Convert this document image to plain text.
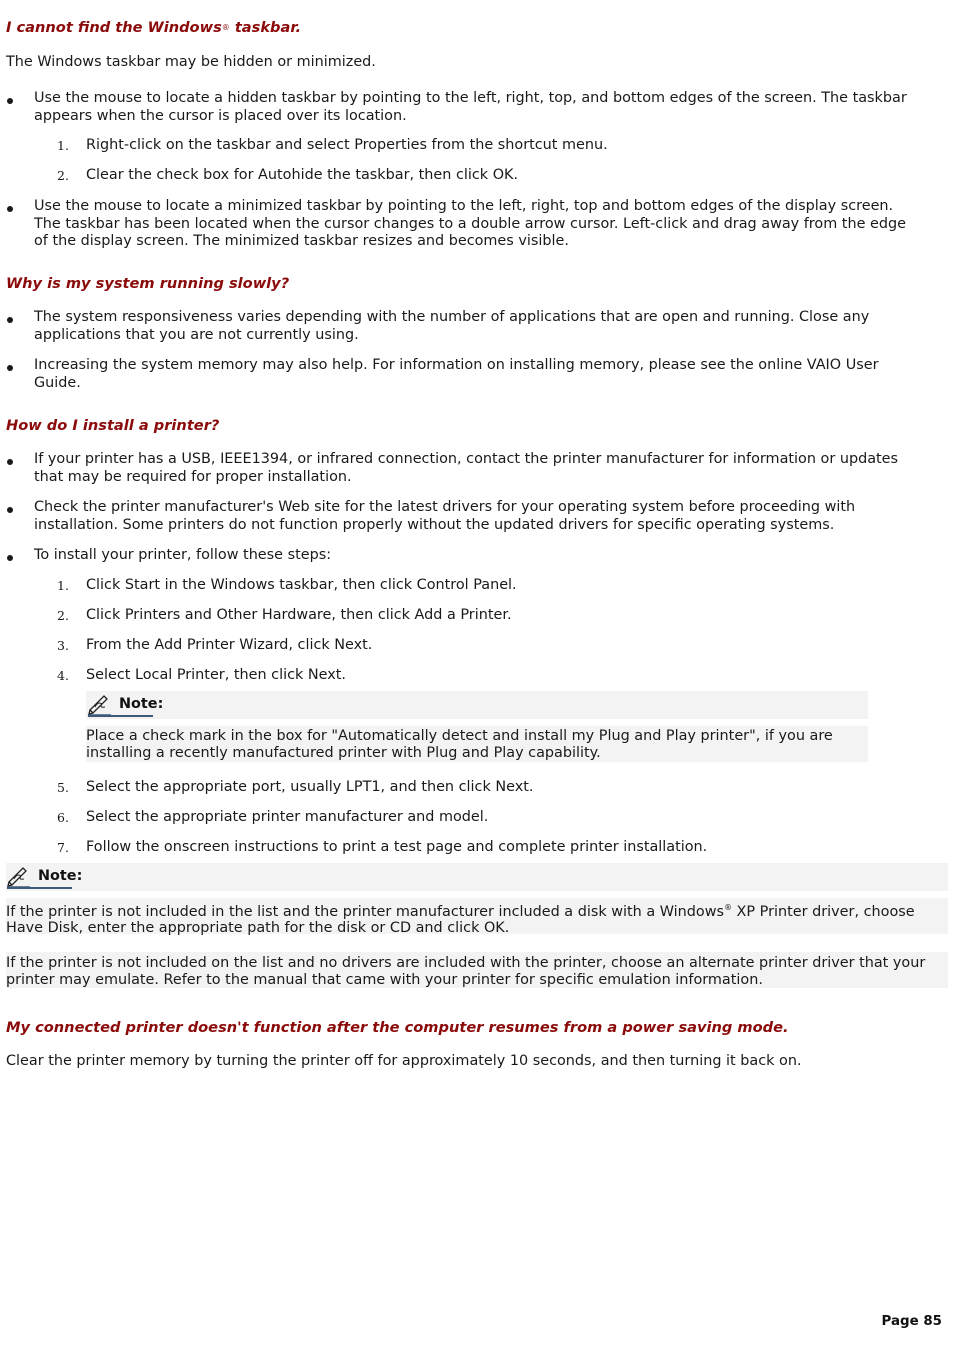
I cannot find the Windows® taskbar.

The Windows taskbar may be hidden or minimized.

Use the mouse to locate a hidden taskbar by pointing to the left, right, top, and bottom edges of the screen. The taskbar appears when the cursor is placed over its location.

1. Right-click on the taskbar and select Properties from the shortcut menu.

2. Clear the check box for Autohide the taskbar, then click OK.

Use the mouse to locate a minimized taskbar by pointing to the left, right, top and bottom edges of the display screen. The taskbar has been located when the cursor changes to a double arrow cursor. Left-click and drag away from the edge of the display screen. The minimized taskbar resizes and becomes visible.

Why is my system running slowly?

The system responsiveness varies depending with the number of applications that are open and running. Close any applications that you are not currently using.

Increasing the system memory may also help. For information on installing memory, please see the online VAIO User Guide.

How do I install a printer?

If your printer has a USB, IEEE1394, or infrared connection, contact the printer manufacturer for information or updates that may be required for proper installation.

Check the printer manufacturer's Web site for the latest drivers for your operating system before proceeding with installation. Some printers do not function properly without the updated drivers for specific operating systems.

To install your printer, follow these steps:

1. Click Start in the Windows taskbar, then click Control Panel.

2. Click Printers and Other Hardware, then click Add a Printer.

3. From the Add Printer Wizard, click Next.

4. Select Local Printer, then click Next.

Note:

Place a check mark in the box for "Automatically detect and install my Plug and Play printer", if you are installing a recently manufactured printer with Plug and Play capability.

5. Select the appropriate port, usually LPT1, and then click Next.

6. Select the appropriate printer manufacturer and model.

7. Follow the onscreen instructions to print a test page and complete printer installation.

Note:

If the printer is not included in the list and the printer manufacturer included a disk with a Windows® XP Printer driver, choose Have Disk, enter the appropriate path for the disk or CD and click OK.

If the printer is not included on the list and no drivers are included with the printer, choose an alternate printer driver that your printer may emulate. Refer to the manual that came with your printer for specific emulation information.

My connected printer doesn't function after the computer resumes from a power saving mode.

Clear the printer memory by turning the printer off for approximately 10 seconds, and then turning it back on.

Page 85
